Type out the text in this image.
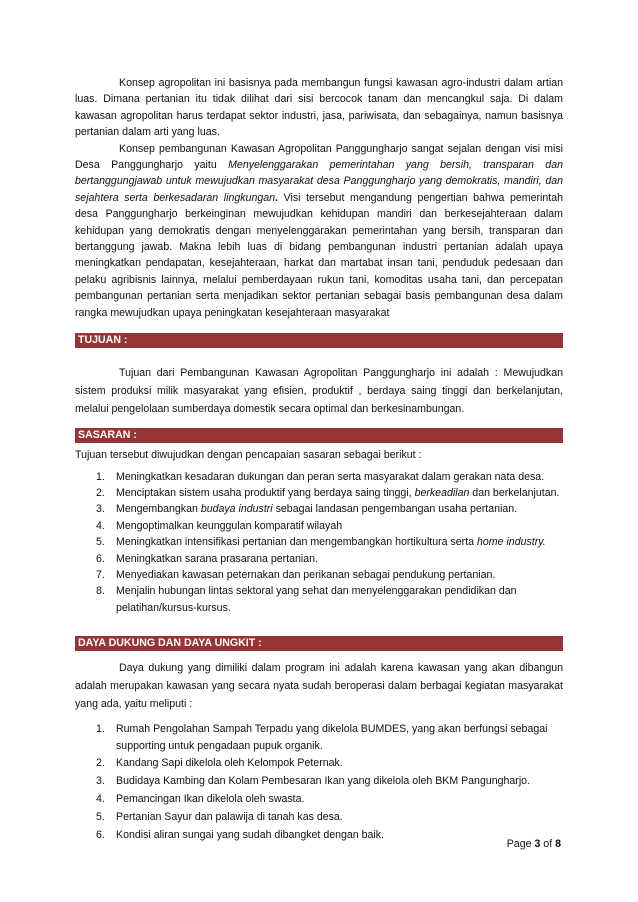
Konsep agropolitan ini basisnya pada membangun fungsi kawasan agro-industri dalam artian luas. Dimana pertanian itu tidak dilihat dari sisi bercocok tanam dan mencangkul saja. Di dalam kawasan agropolitan harus terdapat sektor industri, jasa, pariwisata, dan sebagainya, namun basisnya pertanian dalam arti yang luas.

Konsep pembangunan Kawasan Agropolitan Panggungharjo sangat sejalan dengan visi misi Desa Panggungharjo yaitu Menyelenggarakan pemerintahan yang bersih, transparan dan bertanggungjawab untuk mewujudkan masyarakat desa Panggungharjo yang demokratis, mandiri, dan sejahtera serta berkesadaran lingkungan. Visi tersebut mengandung pengertian bahwa pemerintah desa Panggungharjo berkeinginan mewujudkan kehidupan mandiri dan berkesejahteraan dalam kehidupan yang demokratis dengan menyelenggarakan pemerintahan yang bersih, transparan dan bertanggung jawab. Makna lebih luas di bidang pembangunan industri pertanian adalah upaya meningkatkan pendapatan, kesejahteraan, harkat dan martabat insan tani, penduduk pedesaan dan pelaku agribisnis lainnya, melalui pemberdayaan rukun tani, komoditas usaha tani, dan percepatan pembangunan pertanian serta menjadikan sektor pertanian sebagai basis pembangunan desa dalam rangka mewujudkan upaya peningkatan kesejahteraan masyarakat

TUJUAN :

Tujuan dari Pembangunan Kawasan Agropolitan Panggungharjo ini adalah : Mewujudkan sistem produksi milik masyarakat yang efisien, produktif , berdaya saing tinggi dan berkelanjutan, melalui pengelolaan sumberdaya domestik secara optimal dan berkesinambungan.

SASARAN :

Tujuan tersebut diwujudkan dengan pencapaian sasaran sebagai berikut :

1. Meningkatkan kesadaran dukungan dan peran serta masyarakat dalam gerakan nata desa.
2. Menciptakan sistem usaha produktif yang berdaya saing tinggi, berkeadilan dan berkelanjutan.
3. Mengembangkan budaya industri sebagai landasan pengembangan usaha pertanian.
4. Mengoptimalkan keunggulan komparatif wilayah
5. Meningkatkan intensifikasi pertanian dan mengembangkan hortikultura serta home industry.
6. Meningkatkan sarana prasarana pertanian.
7. Menyediakan kawasan peternakan dan perikanan sebagai pendukung pertanian.
8. Menjalin hubungan lintas sektoral yang sehat dan menyelenggarakan pendidikan dan pelatihan/kursus-kursus.
DAYA DUKUNG DAN DAYA UNGKIT :

Daya dukung yang dimiliki dalam program ini adalah karena kawasan yang akan dibangun adalah merupakan kawasan yang secara nyata sudah beroperasi dalam berbagai kegiatan masyarakat yang ada, yaitu meliputi :

1. Rumah Pengolahan Sampah Terpadu yang dikelola BUMDES, yang akan berfungsi sebagai supporting untuk pengadaan pupuk organik.
2. Kandang Sapi dikelola oleh Kelompok Peternak.
3. Budidaya Kambing dan Kolam Pembesaran Ikan yang dikelola oleh BKM Pangungharjo.
4. Pemancingan Ikan dikelola oleh swasta.
5. Pertanian Sayur dan palawija di tanah kas desa.
6. Kondisi aliran sungai yang sudah dibangket dengan baik.
Page 3 of 8
